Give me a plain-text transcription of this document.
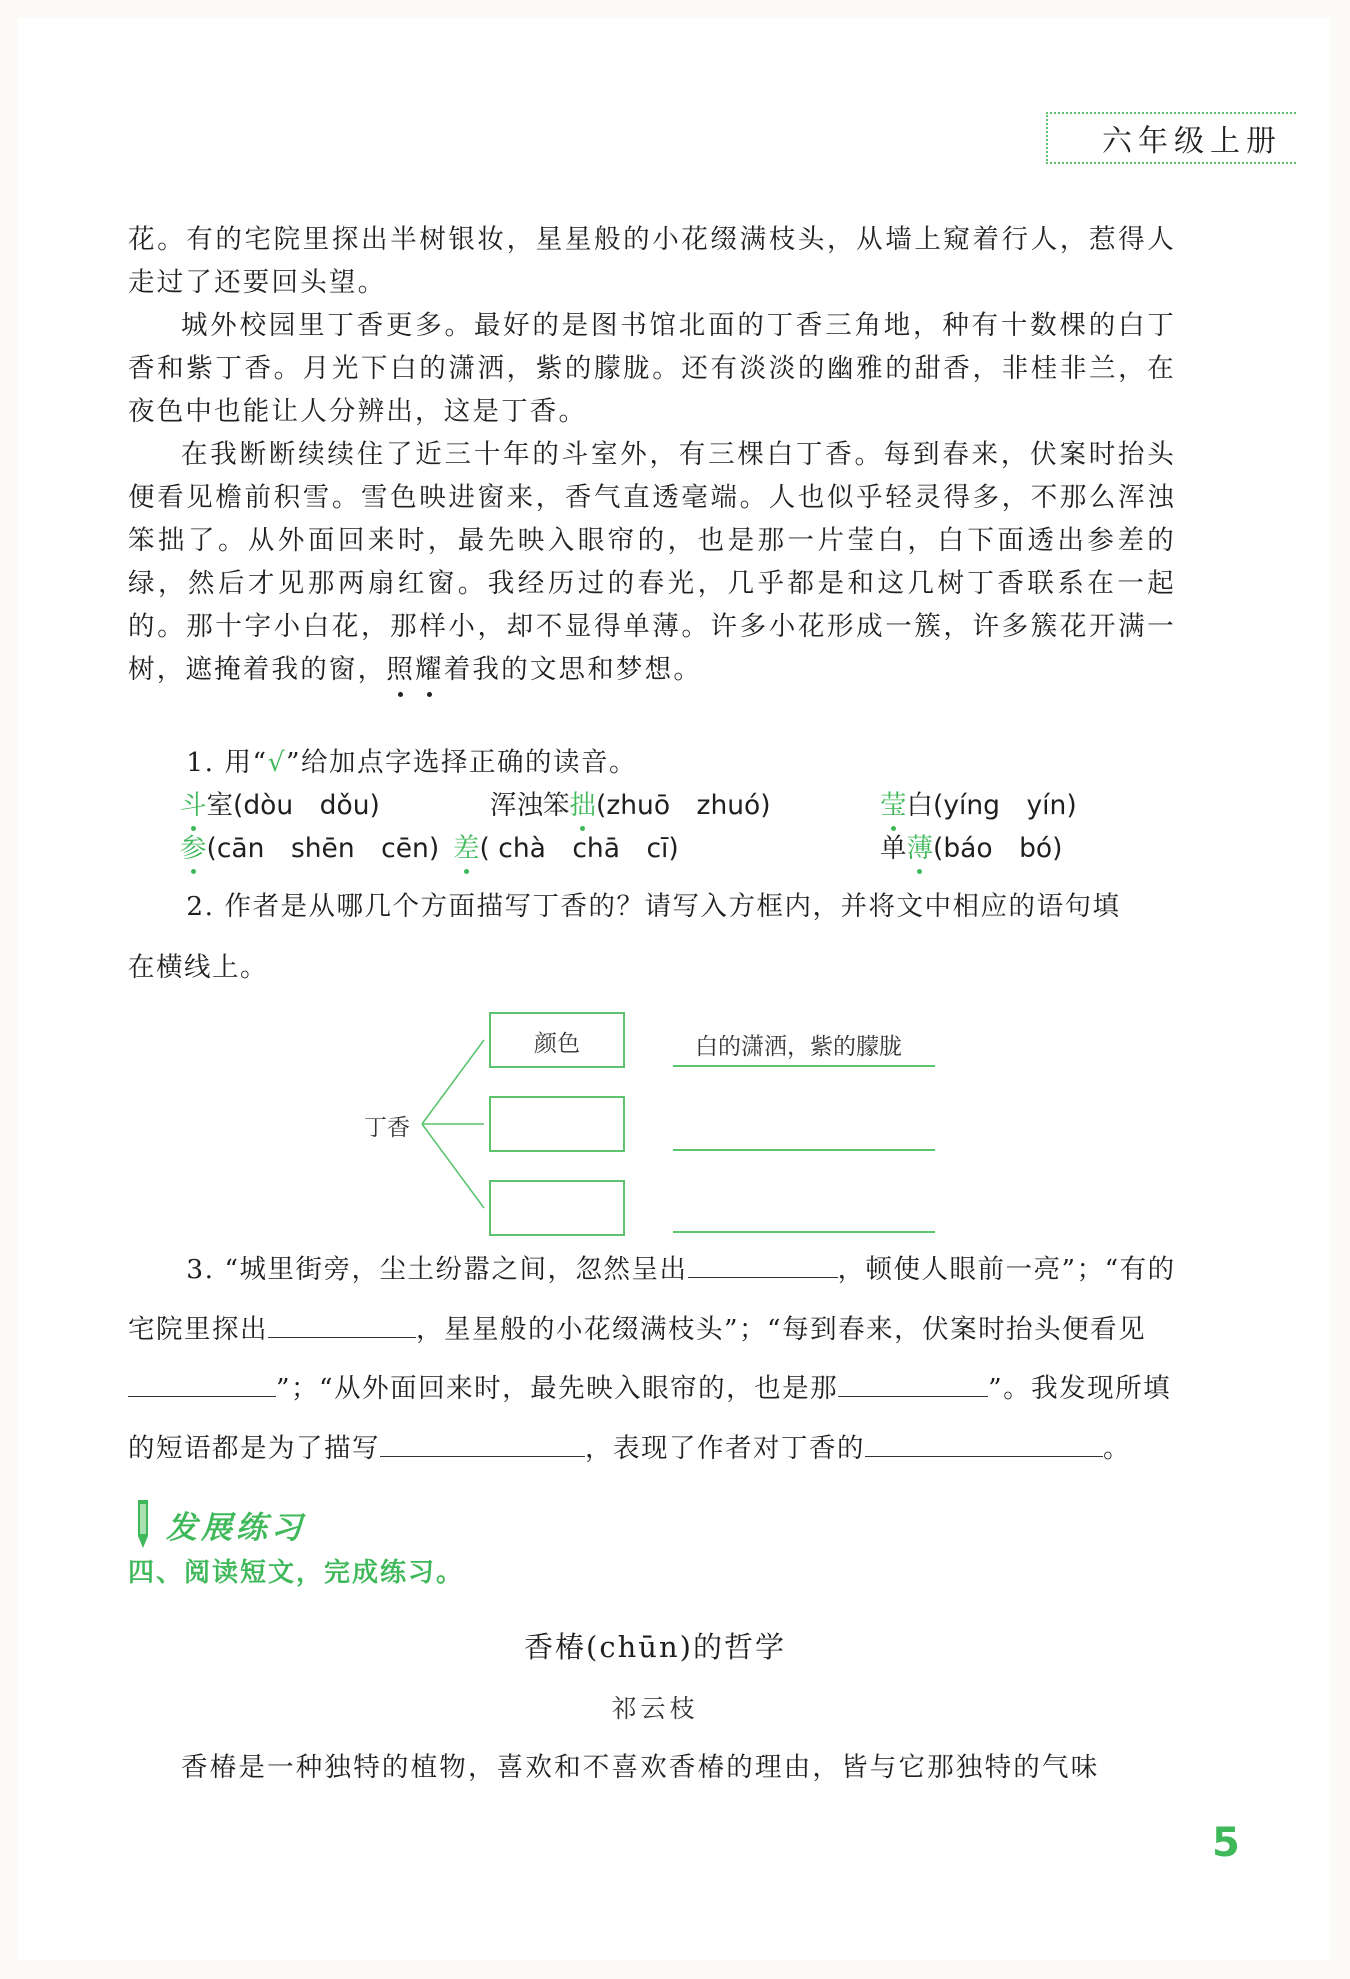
六年级上册

花。有的宅院里探出半树银妆，星星般的小花缀满枝头，从墙上窥着行人，惹得人走过了还要回头望。

城外校园里丁香更多。最好的是图书馆北面的丁香三角地，种有十数棵的白丁香和紫丁香。月光下白的潇洒，紫的朦胧。还有淡淡的幽雅的甜香，非桂非兰，在夜色中也能让人分辨出，这是丁香。

在我断断续续住了近三十年的斗室外，有三棵白丁香。每到春来，伏案时抬头便看见檐前积雪。雪色映进窗来，香气直透毫端。人也似乎轻灵得多，不那么浑浊笨拙了。从外面回来时，最先映入眼帘的，也是那一片莹白，白下面透出参差的绿，然后才见那两扇红窗。我经历过的春光，几乎都是和这几树丁香联系在一起的。那十字小白花，那样小，却不显得单薄。许多小花形成一簇，许多簇花开满一树，遮掩着我的窗，照耀着我的文思和梦想。

1. 用“√”给加点字选择正确的读音。

斗室(dòu　dǒu)	浑浊笨拙(zhuō　zhuó)	莹白(yíng　yín)
参(cān　shēn　cēn) 差( chà　chā　cī)	单薄(báo　bó)

2. 作者是从哪几个方面描写丁香的？请写入方框内，并将文中相应的语句填

在横线上。

丁香
颜色	白的潇洒，紫的朦胧

3. “城里街旁，尘土纷嚣之间，忽然呈出	，顿使人眼前一亮”；“有的

宅院里探出	，星星般的小花缀满枝头”；“每到春来，伏案时抬头便看见

”；“从外面回来时，最先映入眼帘的，也是那	”。我发现所填

的短语都是为了描写	，表现了作者对丁香的	。

发展练习
四、阅读短文，完成练习。
香椿(chūn)的哲学
祁云枝

香椿是一种独特的植物，喜欢和不喜欢香椿的理由，皆与它那独特的气味

5
